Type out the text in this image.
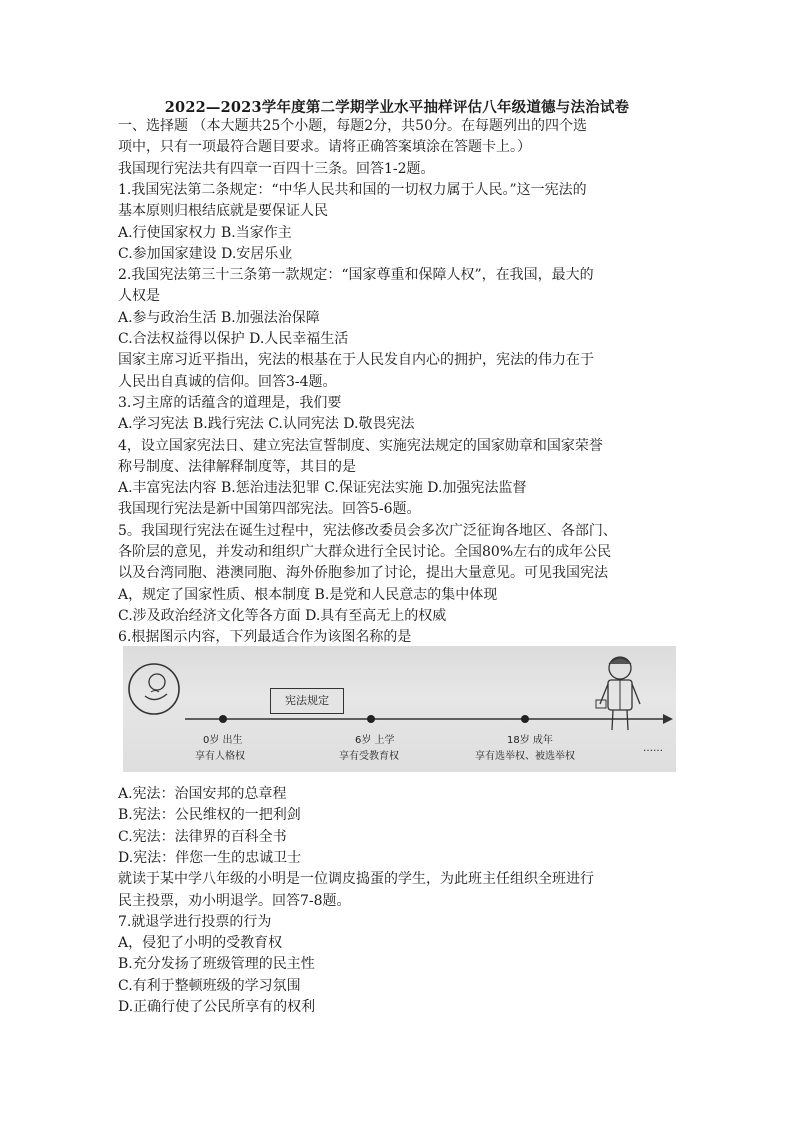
2022—2023学年度第二学期学业水平抽样评估八年级道德与法治试卷
一、选择题 （本大题共25个小题，每题2分，共50分。在每题列出的四个选
项中，只有一项最符合题目要求。请将正确答案填涂在答题卡上。）
我国现行宪法共有四章一百四十三条。回答1-2题。
1.我国宪法第二条规定：“中华人民共和国的一切权力属于人民。”这一宪法的
基本原则归根结底就是要保证人民
A.行使国家权力 B.当家作主
C.参加国家建设 D.安居乐业
2.我国宪法第三十三条第一款规定：“国家尊重和保障人权”，在我国，最大的
人权是
A.参与政治生活 B.加强法治保障
C.合法权益得以保护 D.人民幸福生活
国家主席习近平指出，宪法的根基在于人民发自内心的拥护，宪法的伟力在于
人民出自真诚的信仰。回答3-4题。
3.习主席的话蕴含的道理是，我们要
A.学习宪法 B.践行宪法 C.认同宪法 D.敬畏宪法
4，设立国家宪法日、建立宪法宣誓制度、实施宪法规定的国家勋章和国家荣誉
称号制度、法律解释制度等，其目的是
A.丰富宪法内容 B.惩治违法犯罪 C.保证宪法实施 D.加强宪法监督
我国现行宪法是新中国第四部宪法。回答5-6题。
5。我国现行宪法在诞生过程中，宪法修改委员会多次广泛征询各地区、各部门、
各阶层的意见，并发动和组织广大群众进行全民讨论。全国80%左右的成年公民
以及台湾同胞、港澳同胞、海外侨胞参加了讨论，提出大量意见。可见我国宪法
A，规定了国家性质、根本制度 B.是党和人民意志的集中体现
C.涉及政治经济文化等各方面 D.具有至高无上的权威
6.根据图示内容，下列最适合作为该图名称的是
宪法规定
0岁 出生
享有人格权
6岁 上学
享有受教育权
18岁 成年
享有选举权、被选举权
……
A.宪法：治国安邦的总章程
B.宪法：公民维权的一把利剑
C.宪法：法律界的百科全书
D.宪法：伴您一生的忠诚卫士
就读于某中学八年级的小明是一位调皮捣蛋的学生，为此班主任组织全班进行
民主投票，劝小明退学。回答7-8题。
7.就退学进行投票的行为
A，侵犯了小明的受教育权
B.充分发扬了班级管理的民主性
C.有利于整顿班级的学习氛围
D.正确行使了公民所享有的权利
